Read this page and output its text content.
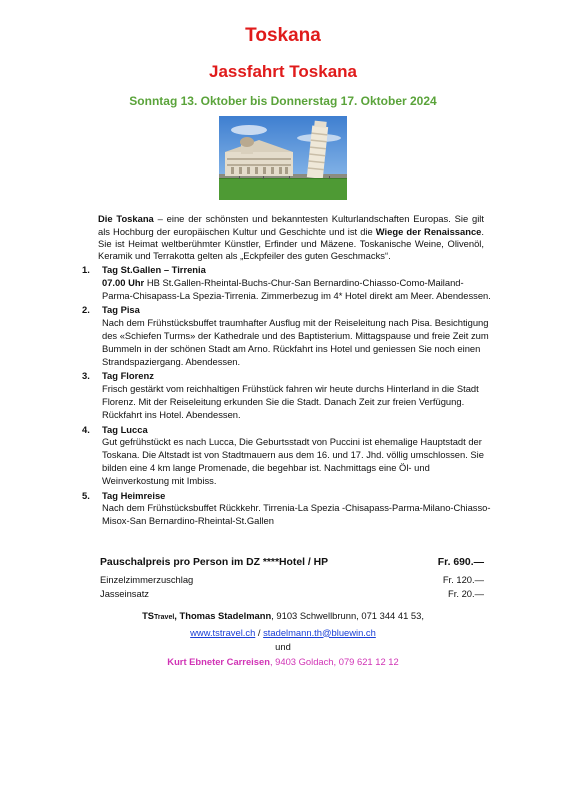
Toskana
Jassfahrt Toskana
Sonntag 13. Oktober bis Donnerstag 17. Oktober 2024

Die Toskana – eine der schönsten und bekanntesten Kulturlandschaften Europas. Sie gilt als Hochburg der europäischen Kultur und Geschichte und ist die Wiege der Renaissance. Sie ist Heimat weltberühmter Künstler, Erfinder und Mäzene. Toskanische Weine, Olivenöl, Keramik und Terrakotta gelten als „Eckpfeiler des guten Geschmacks“.

1. Tag St.Gallen – Tirrenia
07.00 Uhr HB St.Gallen-Rheintal-Buchs-Chur-San Bernardino-Chiasso-Como-Mailand-Parma-Chisapass-La Spezia-Tirrenia. Zimmerbezug im 4* Hotel direkt am Meer. Abendessen.
2. Tag Pisa
Nach dem Frühstücksbuffet traumhafter Ausflug mit der Reiseleitung nach Pisa. Besichtigung des «Schiefen Turms» der Kathedrale und des Baptisterium. Mittagspause und freie Zeit zum Bummeln in der schönen Stadt am Arno. Rückfahrt ins Hotel und geniessen Sie noch einen Strandspaziergang. Abendessen.
3. Tag Florenz
Frisch gestärkt vom reichhaltigen Frühstück fahren wir heute durchs Hinterland in die Stadt Florenz. Mit der Reiseleitung erkunden Sie die Stadt. Danach Zeit zur freien Verfügung. Rückfahrt ins Hotel. Abendessen.
4. Tag Lucca
Gut gefrühstückt es nach Lucca, Die Geburtsstadt von Puccini ist ehemalige Hauptstadt der Toskana. Die Altstadt ist von Stadtmauern aus dem 16. und 17. Jhd. völlig umschlossen. Sie bilden eine 4 km lange Promenade, die begehbar ist. Nachmittags eine Öl- und Weinverkostung mit Imbiss.
5. Tag Heimreise
Nach dem Frühstücksbuffet Rückkehr. Tirrenia-La Spezia -Chisapass-Parma-Milano-Chiasso-Misox-San Bernardino-Rheintal-St.Gallen
Pauschalpreis pro Person im DZ ****Hotel / HP	Fr. 690.—
Einzelzimmerzuschlag	Fr. 120.—
Jasseinsatz	Fr. 20.—
TSTravel, Thomas Stadelmann, 9103 Schwellbrunn, 071 344 41 53,
www.tstravel.ch / stadelmann.th@bluewin.ch
und
Kurt Ebneter Carreisen, 9403 Goldach, 079 621 12 12
